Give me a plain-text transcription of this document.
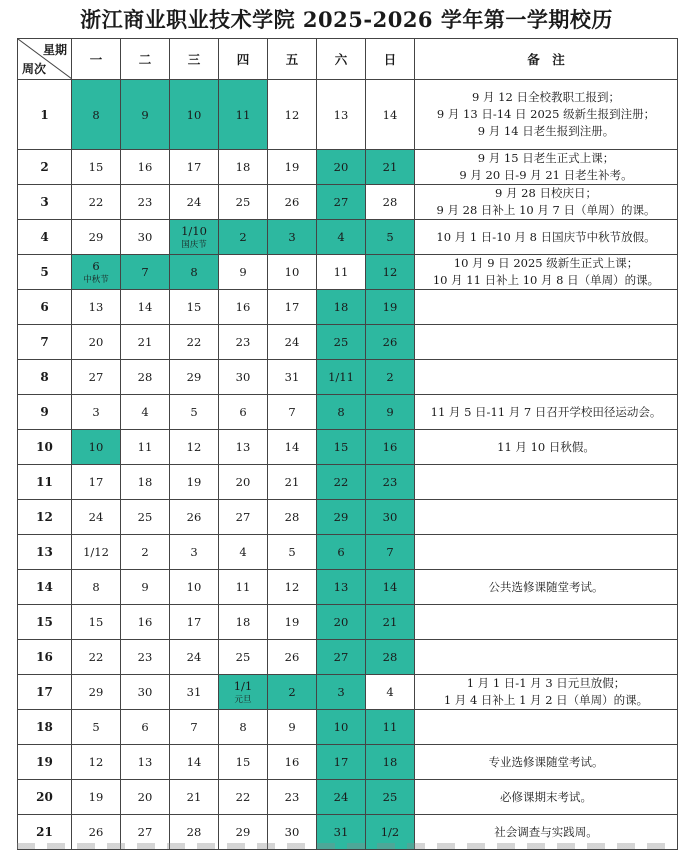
浙江商业职业技术学院 2025-2026 学年第一学期校历
星期
周次	一	二	三	四	五	六	日	备　注
1	8	9	10	11	12	13	14	9 月 12 日全校教职工报到；
9 月 13 日-14 日 2025 级新生报到注册；
9 月 14 日老生报到注册。

2	15	16	17	18	19	20	21	9 月 15 日老生正式上课；
9 月 20 日-9 月 21 日老生补考。

3	22	23	24	25	26	27	28	9 月 28 日校庆日；
9 月 28 日补上 10 月 7 日（单周）的课。

4	29	30	1/10
国庆节	2	3	4	5	10 月 1 日-10 月 8 日国庆节中秋节放假。

5	6
中秋节
	7	8	9	10	11	12	
10 月 9 日 2025 级新生正式上课；
10 月 11 日补上 10 月 8 日（单周）的课。

6	13	14	15	16	17	18	19	
7	20	21	22	23	24	25	26	
8	27	28	29	30	31	1/11	2	
9	3	4	5	6	7	8	9	11 月 5 日-11 月 7 日召开学校田径运动会。

10	10	11	12	13	14	15	16	11 月 10 日秋假。

11	17	18	19	20	21	22	23	
12	24	25	26	27	28	29	30	
13	1/12	2	3	4	5	6	7	
14	8	9	10	11	12	13	14	公共选修课随堂考试。

15	15	16	17	18	19	20	21	
16	22	23	24	25	26	27	28	
17	29	30	31	1/1
元旦
	2	3	4	
1 月 1 日-1 月 3 日元旦放假；
1 月 4 日补上 1 月 2 日（单周）的课。

18	5	6	7	8	9	10	11	
19	12	13	14	15	16	17	18	专业选修课随堂考试。

20	19	20	21	22	23	24	25	必修课期末考试。

21	26	27	28	29	30	31	1/2	社会调查与实践周。
